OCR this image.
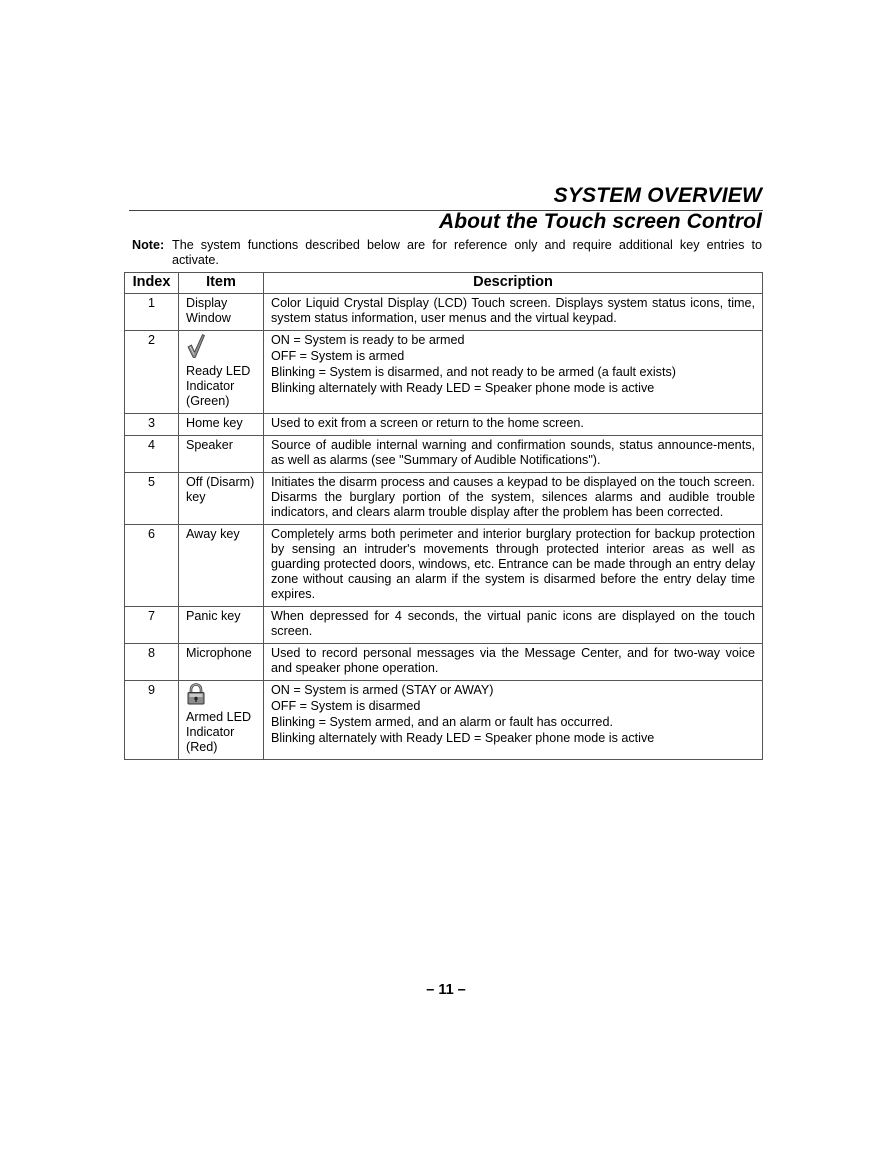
SYSTEM OVERVIEW
About the Touch screen Control
Note: The system functions described below are for reference only and require additional key entries to activate.
Index	Item	Description
1	Display Window	Color Liquid Crystal Display (LCD) Touch screen. Displays system status icons, time, system status information, user menus and the virtual keypad.
2	Ready LED Indicator (Green)	ON = System is ready to be armed
OFF = System is armed
Blinking = System is disarmed, and not ready to be armed (a fault exists)
Blinking alternately with Ready LED = Speaker phone mode is active

3	Home key	Used to exit from a screen or return to the home screen.
4	Speaker	Source of audible internal warning and confirmation sounds, status announce-ments, as well as alarms (see "Summary of Audible Notifications").
5	Off (Disarm) key	Initiates the disarm process and causes a keypad to be displayed on the touch screen. Disarms the burglary portion of the system, silences alarms and audible trouble indicators, and clears alarm trouble display after the problem has been corrected.
6	Away key	Completely arms both perimeter and interior burglary protection for backup protection by sensing an intruder's movements through protected interior areas as well as guarding protected doors, windows, etc. Entrance can be made through an entry delay zone without causing an alarm if the system is disarmed before the entry delay time expires.
7	Panic key	When depressed for 4 seconds, the virtual panic icons are displayed on the touch screen.
8	Microphone	Used to record personal messages via the Message Center, and for two-way voice and speaker phone operation.
9	Armed LED Indicator (Red)	ON = System is armed (STAY or AWAY)
OFF = System is disarmed
Blinking = System armed, and an alarm or fault has occurred.
Blinking alternately with Ready LED = Speaker phone mode is active
– 11 –
